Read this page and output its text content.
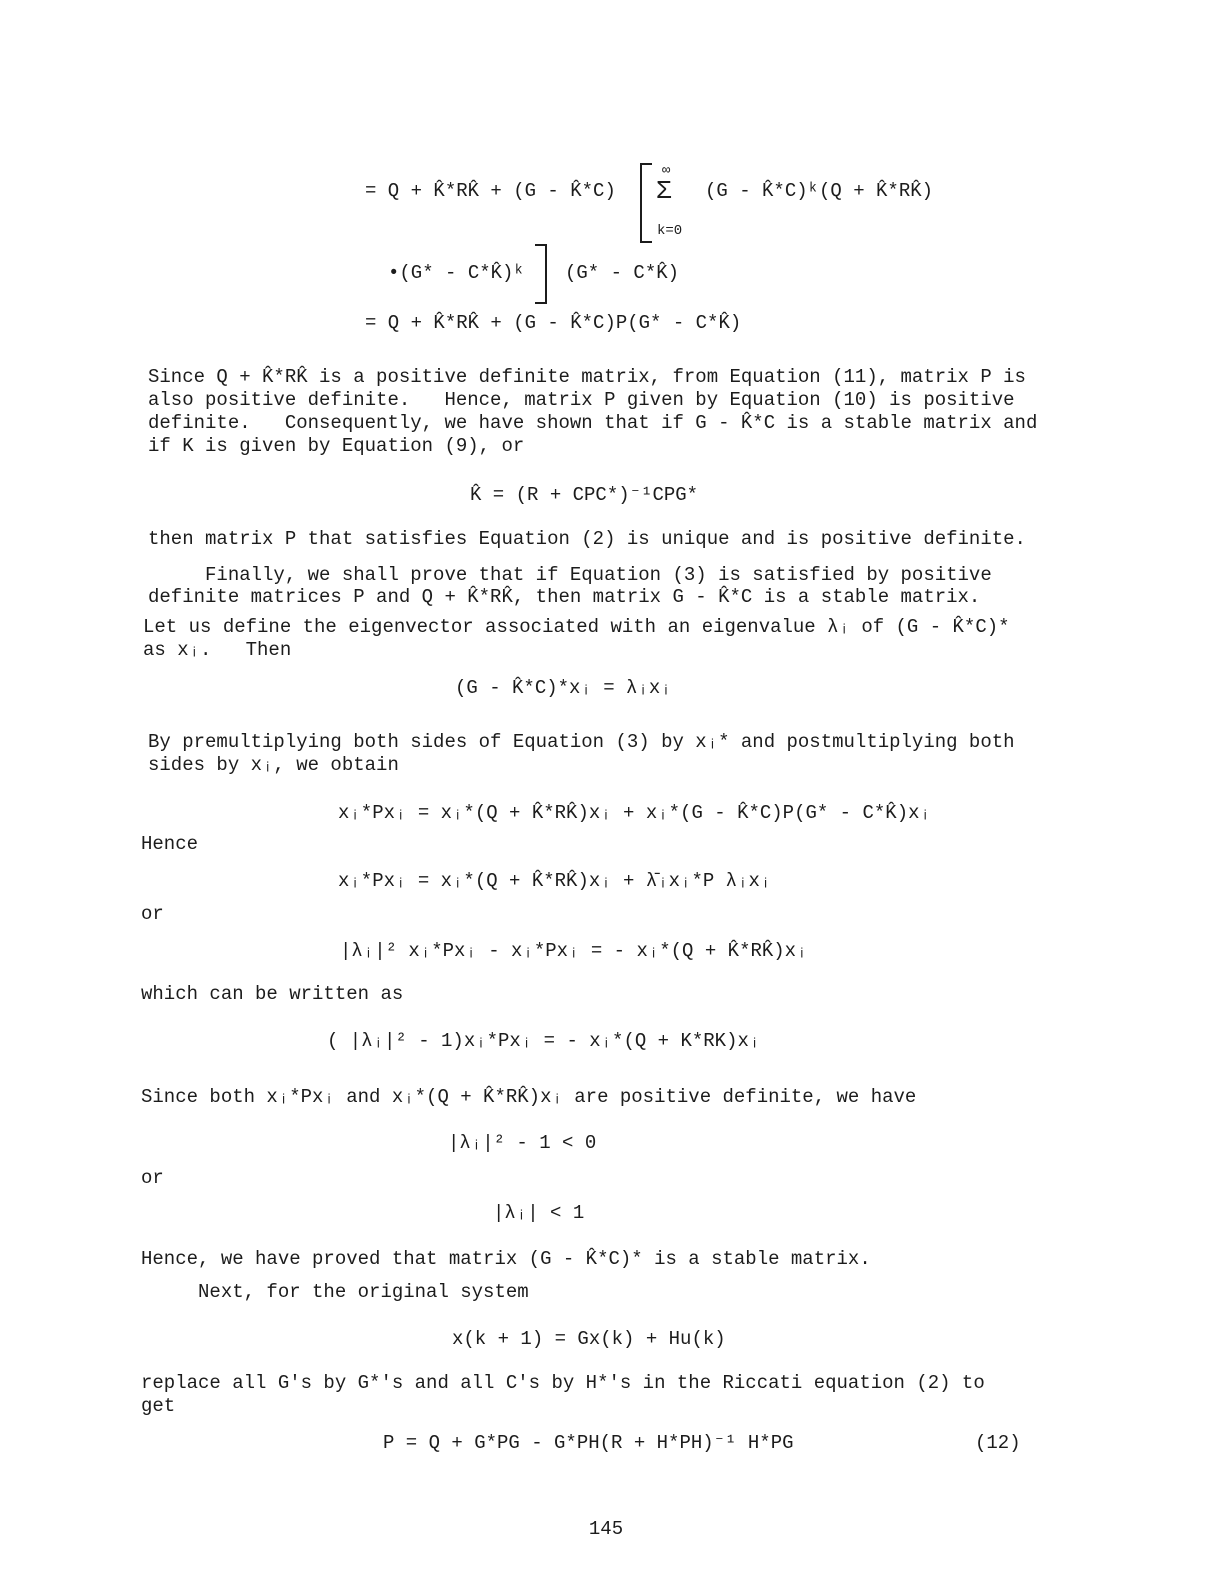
= Q + K̂*RK̂ + (G - K̂*C)
∞
Σ
k=0
(G - K̂*C)ᵏ(Q + K̂*RK̂)
•(G* - C*K̂)ᵏ (G* - C*K̂)
= Q + K̂*RK̂ + (G - K̂*C)P(G* - C*K̂)
Since Q + K̂*RK̂ is a positive definite matrix, from Equation (11), matrix P is
also positive definite.   Hence, matrix P given by Equation (10) is positive
definite.   Consequently, we have shown that if G - K̂*C is a stable matrix and
if K is given by Equation (9), or
K̂ = (R + CPC*)⁻¹CPG*
then matrix P that satisfies Equation (2) is unique and is positive definite.
Finally, we shall prove that if Equation (3) is satisfied by positive
definite matrices P and Q + K̂*RK̂, then matrix G - K̂*C is a stable matrix.
Let us define the eigenvector associated with an eigenvalue λᵢ of (G - K̂*C)*
as xᵢ.   Then
(G - K̂*C)*xᵢ = λᵢxᵢ
By premultiplying both sides of Equation (3) by xᵢ* and postmultiplying both
sides by xᵢ, we obtain
xᵢ*Pxᵢ = xᵢ*(Q + K̂*RK̂)xᵢ + xᵢ*(G - K̂*C)P(G* - C*K̂)xᵢ
Hence
xᵢ*Pxᵢ = xᵢ*(Q + K̂*RK̂)xᵢ + λ̄ᵢxᵢ*P λᵢxᵢ
or
|λᵢ|² xᵢ*Pxᵢ - xᵢ*Pxᵢ = - xᵢ*(Q + K̂*RK̂)xᵢ
which can be written as
( |λᵢ|² - 1)xᵢ*Pxᵢ = - xᵢ*(Q + K*RK)xᵢ
Since both xᵢ*Pxᵢ and xᵢ*(Q + K̂*RK̂)xᵢ are positive definite, we have
|λᵢ|² - 1 < 0
or
|λᵢ| < 1
Hence, we have proved that matrix (G - K̂*C)* is a stable matrix.
Next, for the original system
x(k + 1) = Gx(k) + Hu(k)
replace all G's by G*'s and all C's by H*'s in the Riccati equation (2) to
get
P = Q + G*PG - G*PH(R + H*PH)⁻¹ H*PG	(12)
145
